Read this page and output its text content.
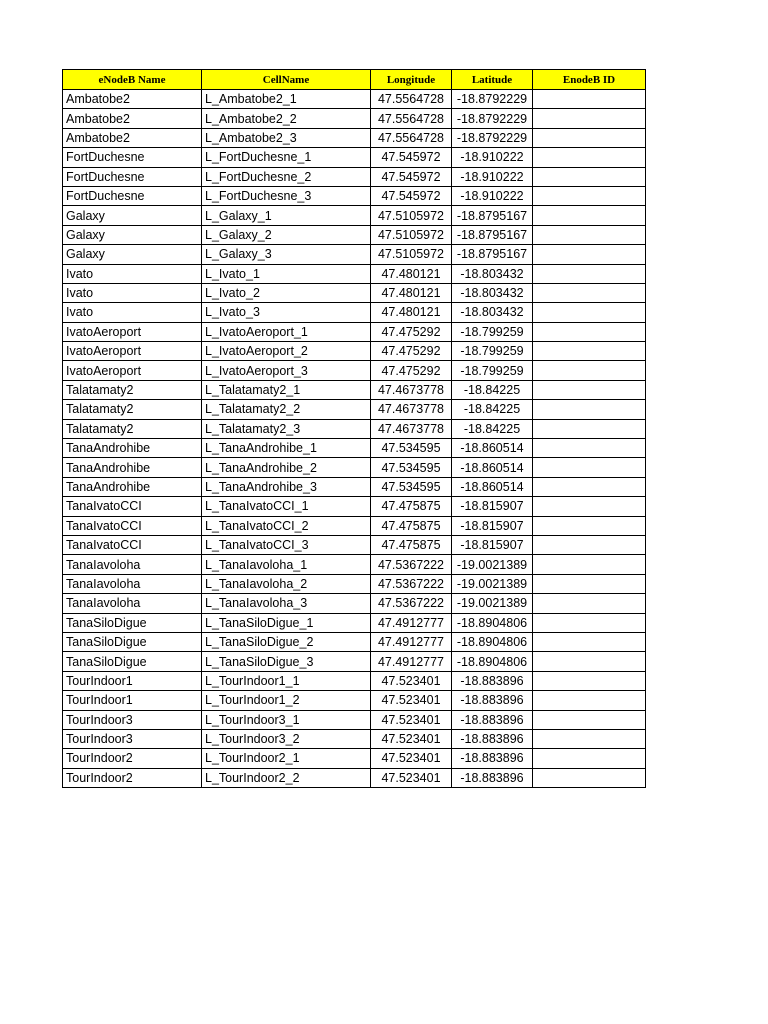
eNodeB Name	CellName	Longitude	Latitude	EnodeB ID
Ambatobe2	L_Ambatobe2_1	47.5564728	-18.8792229	
Ambatobe2	L_Ambatobe2_2	47.5564728	-18.8792229	
Ambatobe2	L_Ambatobe2_3	47.5564728	-18.8792229	
FortDuchesne	L_FortDuchesne_1	47.545972	-18.910222	
FortDuchesne	L_FortDuchesne_2	47.545972	-18.910222	
FortDuchesne	L_FortDuchesne_3	47.545972	-18.910222	
Galaxy	L_Galaxy_1	47.5105972	-18.8795167	
Galaxy	L_Galaxy_2	47.5105972	-18.8795167	
Galaxy	L_Galaxy_3	47.5105972	-18.8795167	
Ivato	L_Ivato_1	47.480121	-18.803432	
Ivato	L_Ivato_2	47.480121	-18.803432	
Ivato	L_Ivato_3	47.480121	-18.803432	
IvatoAeroport	L_IvatoAeroport_1	47.475292	-18.799259	
IvatoAeroport	L_IvatoAeroport_2	47.475292	-18.799259	
IvatoAeroport	L_IvatoAeroport_3	47.475292	-18.799259	
Talatamaty2	L_Talatamaty2_1	47.4673778	-18.84225	
Talatamaty2	L_Talatamaty2_2	47.4673778	-18.84225	
Talatamaty2	L_Talatamaty2_3	47.4673778	-18.84225	
TanaAndrohibe	L_TanaAndrohibe_1	47.534595	-18.860514	
TanaAndrohibe	L_TanaAndrohibe_2	47.534595	-18.860514	
TanaAndrohibe	L_TanaAndrohibe_3	47.534595	-18.860514	
TanaIvatoCCI	L_TanaIvatoCCI_1	47.475875	-18.815907	
TanaIvatoCCI	L_TanaIvatoCCI_2	47.475875	-18.815907	
TanaIvatoCCI	L_TanaIvatoCCI_3	47.475875	-18.815907	
TanaIavoloha	L_TanaIavoloha_1	47.5367222	-19.0021389	
TanaIavoloha	L_TanaIavoloha_2	47.5367222	-19.0021389	
TanaIavoloha	L_TanaIavoloha_3	47.5367222	-19.0021389	
TanaSiloDigue	L_TanaSiloDigue_1	47.4912777	-18.8904806	
TanaSiloDigue	L_TanaSiloDigue_2	47.4912777	-18.8904806	
TanaSiloDigue	L_TanaSiloDigue_3	47.4912777	-18.8904806	
TourIndoor1	L_TourIndoor1_1	47.523401	-18.883896	
TourIndoor1	L_TourIndoor1_2	47.523401	-18.883896	
TourIndoor3	L_TourIndoor3_1	47.523401	-18.883896	
TourIndoor3	L_TourIndoor3_2	47.523401	-18.883896	
TourIndoor2	L_TourIndoor2_1	47.523401	-18.883896	
TourIndoor2	L_TourIndoor2_2	47.523401	-18.883896	
